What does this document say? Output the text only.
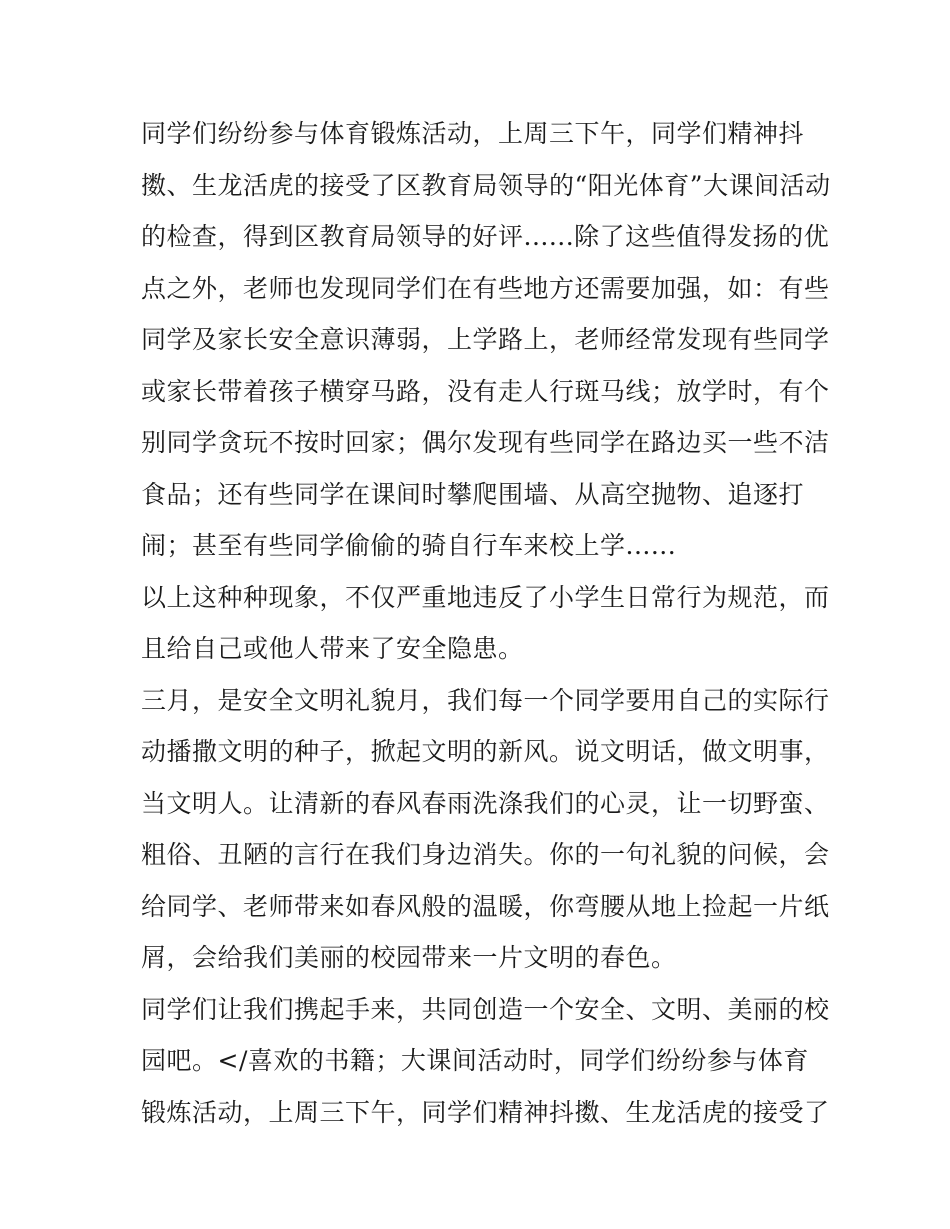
同学们纷纷参与体育锻炼活动，上周三下午，同学们精神抖
擞、生龙活虎的接受了区教育局领导的“阳光体育”大课间活动
的检查，得到区教育局领导的好评......除了这些值得发扬的优
点之外，老师也发现同学们在有些地方还需要加强，如：有些
同学及家长安全意识薄弱，上学路上，老师经常发现有些同学
或家长带着孩子横穿马路，没有走人行斑马线；放学时，有个
别同学贪玩不按时回家；偶尔发现有些同学在路边买一些不洁
食品；还有些同学在课间时攀爬围墙、从高空抛物、追逐打
闹；甚至有些同学偷偷的骑自行车来校上学......
以上这种种现象，不仅严重地违反了小学生日常行为规范，而
且给自己或他人带来了安全隐患。
三月，是安全文明礼貌月，我们每一个同学要用自己的实际行
动播撒文明的种子，掀起文明的新风。说文明话，做文明事，
当文明人。让清新的春风春雨洗涤我们的心灵，让一切野蛮、
粗俗、丑陋的言行在我们身边消失。你的一句礼貌的问候，会
给同学、老师带来如春风般的温暖，你弯腰从地上捡起一片纸
屑，会给我们美丽的校园带来一片文明的春色。
同学们让我们携起手来，共同创造一个安全、文明、美丽的校
园吧。</喜欢的书籍；大课间活动时，同学们纷纷参与体育
锻炼活动，上周三下午，同学们精神抖擞、生龙活虎的接受了
